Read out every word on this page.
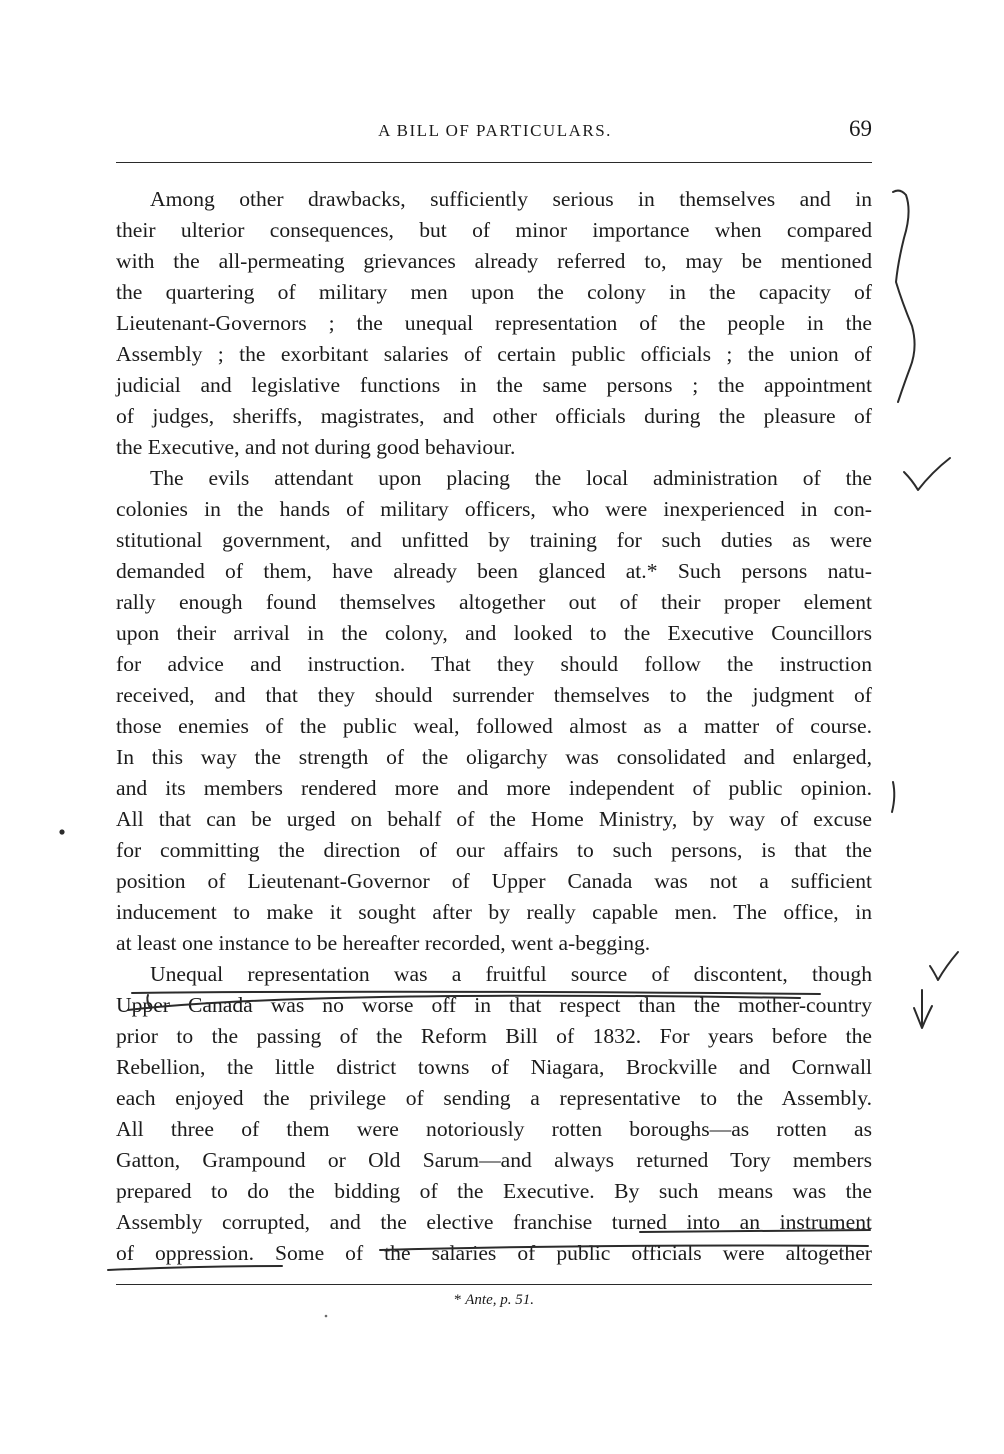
A BILL OF PARTICULARS.	69
Among other drawbacks, sufficiently serious in themselves and in
their ulterior consequences, but of minor importance when compared
with the all-permeating grievances already referred to, may be mentioned
the quartering of military men upon the colony in the capacity of
Lieutenant-Governors ; the unequal representation of the people in the
Assembly ; the exorbitant salaries of certain public officials ; the union of
judicial and legislative functions in the same persons ; the appointment
of judges, sheriffs, magistrates, and other officials during the pleasure of
the Executive, and not during good behaviour.
The evils attendant upon placing the local administration of the
colonies in the hands of military officers, who were inexperienced in con-
stitutional government, and unfitted by training for such duties as were
demanded of them, have already been glanced at.* Such persons natu-
rally enough found themselves altogether out of their proper element
upon their arrival in the colony, and looked to the Executive Councillors
for advice and instruction. That they should follow the instruction
received, and that they should surrender themselves to the judgment of
those enemies of the public weal, followed almost as a matter of course.
In this way the strength of the oligarchy was consolidated and enlarged,
and its members rendered more and more independent of public opinion.
All that can be urged on behalf of the Home Ministry, by way of excuse
for committing the direction of our affairs to such persons, is that the
position of Lieutenant-Governor of Upper Canada was not a sufficient
inducement to make it sought after by really capable men. The office, in
at least one instance to be hereafter recorded, went a-begging.
Unequal representation was a fruitful source of discontent, though
Upper Canada was no worse off in that respect than the mother-country
prior to the passing of the Reform Bill of 1832. For years before the
Rebellion, the little district towns of Niagara, Brockville and Cornwall
each enjoyed the privilege of sending a representative to the Assembly.
All three of them were notoriously rotten boroughs—as rotten as
Gatton, Grampound or Old Sarum—and always returned Tory members
prepared to do the bidding of the Executive. By such means was the
Assembly corrupted, and the elective franchise turned into an instrument
of oppression. Some of the salaries of public officials were altogether
* Ante, p. 51.
